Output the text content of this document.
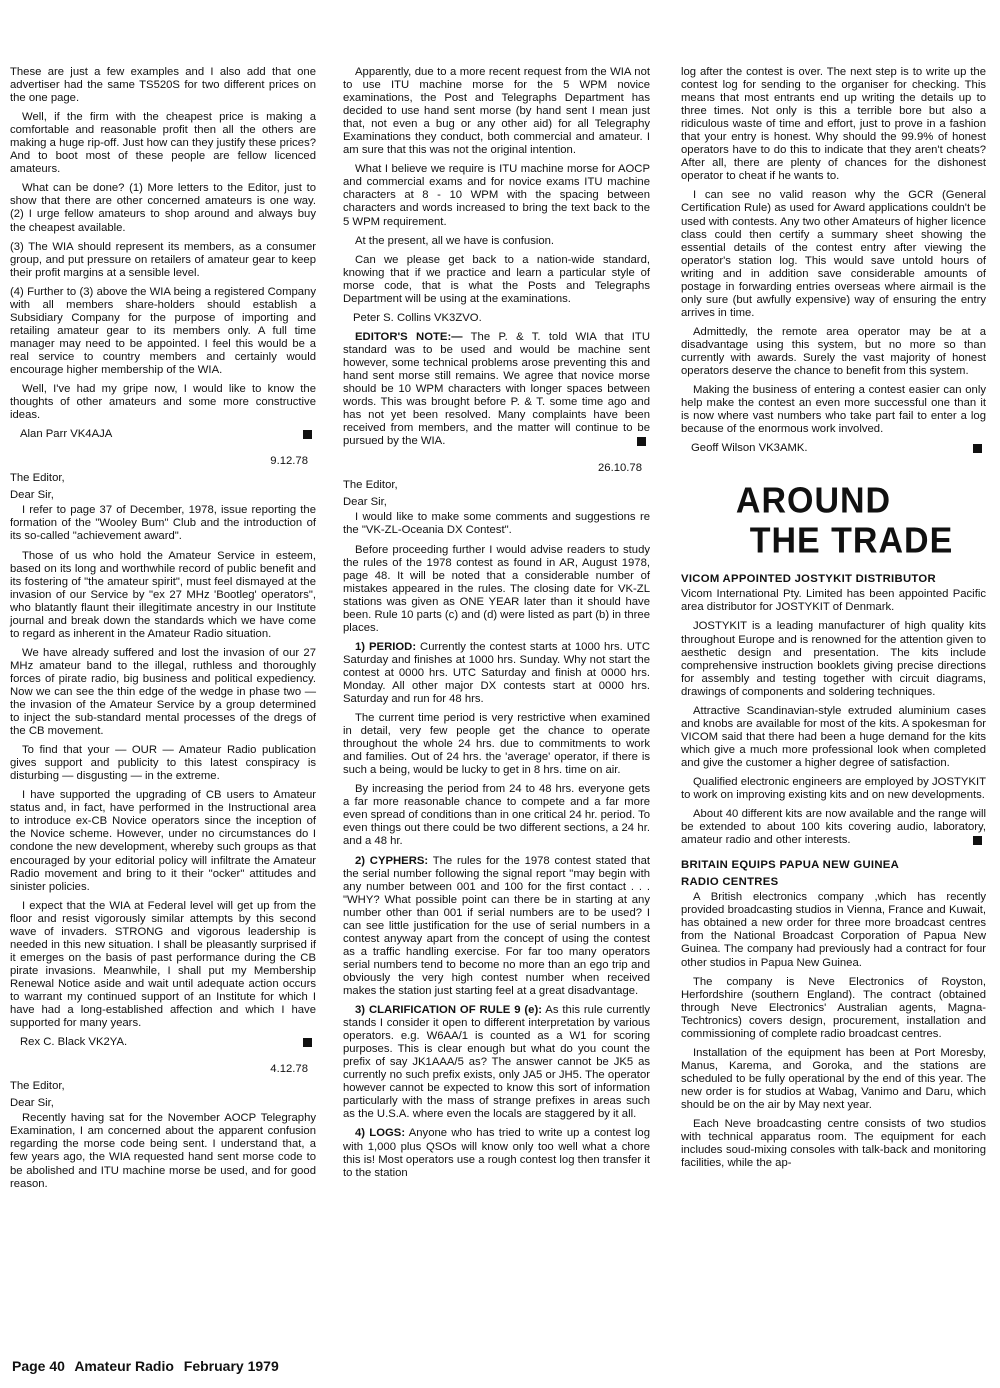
These are just a few examples and I also add that one advertiser had the same TS520S for two different prices on the one page.

Well, if the firm with the cheapest price is making a comfortable and reasonable profit then all the others are making a huge rip-off. Just how can they justify these prices? And to boot most of these people are fellow licenced amateurs.

What can be done? (1) More letters to the Editor, just to show that there are other concerned amateurs is one way. (2) I urge fellow amateurs to shop around and always buy the cheapest available.

(3) The WIA should represent its members, as a consumer group, and put pressure on retailers of amateur gear to keep their profit margins at a sensible level.

(4) Further to (3) above the WIA being a registered Company with all members share-holders should establish a Subsidiary Company for the purpose of importing and retailing amateur gear to its members only. A full time manager may need to be appointed. I feel this would be a real service to country members and certainly would encourage higher membership of the WIA.

Well, I've had my gripe now, I would like to know the thoughts of other amateurs and some more constructive ideas.

Alan Parr VK4AJA

9.12.78

The Editor,

Dear Sir,

I refer to page 37 of December, 1978, issue reporting the formation of the "Wooley Bum" Club and the introduction of its so-called "achievement award".

Those of us who hold the Amateur Service in esteem, based on its long and worthwhile record of public benefit and its fostering of "the amateur spirit", must feel dismayed at the invasion of our Service by "ex 27 MHz 'Bootleg' operators", who blatantly flaunt their illegitimate ancestry in our Institute journal and break down the standards which we have come to regard as inherent in the Amateur Radio situation.

We have already suffered and lost the invasion of our 27 MHz amateur band to the illegal, ruthless and thoroughly forces of pirate radio, big business and political expediency. Now we can see the thin edge of the wedge in phase two — the invasion of the Amateur Service by a group determined to inject the sub-standard mental processes of the dregs of the CB movement.

To find that your — OUR — Amateur Radio publication gives support and publicity to this latest conspiracy is disturbing — disgusting — in the extreme.

I have supported the upgrading of CB users to Amateur status and, in fact, have performed in the Instructional area to introduce ex-CB Novice operators since the inception of the Novice scheme. However, under no circumstances do I condone the new development, whereby such groups as that encouraged by your editorial policy will infiltrate the Amateur Radio movement and bring to it their "ocker" attitudes and sinister policies.

I expect that the WIA at Federal level will get up from the floor and resist vigorously similar attempts by this second wave of invaders. STRONG and vigorous leadership is needed in this new situation. I shall be pleasantly surprised if it emerges on the basis of past performance during the CB pirate invasions. Meanwhile, I shall put my Membership Renewal Notice aside and wait until adequate action occurs to warrant my continued support of an Institute for which I have had a long-established affection and which I have supported for many years.

Rex C. Black VK2YA.

4.12.78

The Editor,

Dear Sir,

Recently having sat for the November AOCP Telegraphy Examination, I am concerned about the apparent confusion regarding the morse code being sent. I understand that, a few years ago, the WIA requested hand sent morse code to be abolished and ITU machine morse be used, and for good reason.

Apparently, due to a more recent request from the WIA not to use ITU machine morse for the 5 WPM novice examinations, the Post and Telegraphs Department has decided to use hand sent morse (by hand sent I mean just that, not even a bug or any other aid) for all Telegraphy Examinations they conduct, both commercial and amateur. I am sure that this was not the original intention.

What I believe we require is ITU machine morse for AOCP and commercial exams and for novice exams ITU machine characters at 8 - 10 WPM with the spacing between characters and words increased to bring the text back to the 5 WPM requirement.

At the present, all we have is confusion.

Can we please get back to a nation-wide standard, knowing that if we practice and learn a particular style of morse code, that is what the Posts and Telegraphs Department will be using at the examinations.

Peter S. Collins VK3ZVO.

EDITOR'S NOTE:— The P. & T. told WIA that ITU standard was to be used and would be machine sent however, some technical problems arose preventing this and hand sent morse still remains. We agree that novice morse should be 10 WPM characters with longer spaces between words. This was brought before P. & T. some time ago and has not yet been resolved. Many complaints have been received from members, and the matter will continue to be pursued by the WIA.

26.10.78

The Editor,

Dear Sir,

I would like to make some comments and suggestions re the "VK-ZL-Oceania DX Contest".

Before proceeding further I would advise readers to study the rules of the 1978 contest as found in AR, August 1978, page 48. It will be noted that a considerable number of mistakes appeared in the rules. The closing date for VK-ZL stations was given as ONE YEAR later than it should have been. Rule 10 parts (c) and (d) were listed as part (b) in three places.

1) PERIOD: Currently the contest starts at 1000 hrs. UTC Saturday and finishes at 1000 hrs. Sunday. Why not start the contest at 0000 hrs. UTC Saturday and finish at 0000 hrs. Monday. All other major DX contests start at 0000 hrs. Saturday and run for 48 hrs.

The current time period is very restrictive when examined in detail, very few people get the chance to operate throughout the whole 24 hrs. due to commitments to work and families. Out of 24 hrs. the 'average' operator, if there is such a being, would be lucky to get in 8 hrs. time on air.

By increasing the period from 24 to 48 hrs. everyone gets a far more reasonable chance to compete and a far more even spread of conditions than in one critical 24 hr. period. To even things out there could be two different sections, a 24 hr. and a 48 hr.

2) CYPHERS: The rules for the 1978 contest stated that the serial number following the signal report "may begin with any number between 001 and 100 for the first contact . . . "WHY? What possible point can there be in starting at any number other than 001 if serial numbers are to be used? I can see little justification for the use of serial numbers in a contest anyway apart from the concept of using the contest as a traffic handling exercise. For far too many operators serial numbers tend to become no more than an ego trip and obviously the very high contest number when received makes the station just starting feel at a great disadvantage.

3) CLARIFICATION OF RULE 9 (e): As this rule currently stands I consider it open to different interpretation by various operators. e.g. W6AA/1 is counted as a W1 for scoring purposes. This is clear enough but what do you count the prefix of say JK1AAA/5 as? The answer cannot be JK5 as currently no such prefix exists, only JA5 or JH5. The operator however cannot be expected to know this sort of information particularly with the mass of strange prefixes in areas such as the U.S.A. where even the locals are staggered by it all.

4) LOGS: Anyone who has tried to write up a contest log with 1,000 plus QSOs will know only too well what a chore this is! Most operators use a rough contest log then transfer it to the station

log after the contest is over. The next step is to write up the contest log for sending to the organiser for checking. This means that most entrants end up writing the details up to three times. Not only is this a terrible bore but also a ridiculous waste of time and effort, just to prove in a fashion that your entry is honest. Why should the 99.9% of honest operators have to do this to indicate that they aren't cheats? After all, there are plenty of chances for the dishonest operator to cheat if he wants to.

I can see no valid reason why the GCR (General Certification Rule) as used for Award applications couldn't be used with contests. Any two other Amateurs of higher licence class could then certify a summary sheet showing the essential details of the contest entry after viewing the operator's station log. This would save untold hours of writing and in addition save considerable amounts of postage in forwarding entries overseas where airmail is the only sure (but awfully expensive) way of ensuring the entry arrives in time.

Admittedly, the remote area operator may be at a disadvantage using this system, but no more so than currently with awards. Surely the vast majority of honest operators deserve the chance to benefit from this system.

Making the business of entering a contest easier can only help make the contest an even more successful one than it is now where vast numbers who take part fail to enter a log because of the enormous work involved.

Geoff Wilson VK3AMK.

AROUND
THE TRADE

VICOM APPOINTED JOSTYKIT DISTRIBUTOR

Vicom International Pty. Limited has been appointed Pacific area distributor for JOSTYKIT of Denmark.

JOSTYKIT is a leading manufacturer of high quality kits throughout Europe and is renowned for the attention given to aesthetic design and presentation. The kits include comprehensive instruction booklets giving precise directions for assembly and testing together with circuit diagrams, drawings of components and soldering techniques.

Attractive Scandinavian-style extruded aluminium cases and knobs are available for most of the kits. A spokesman for VICOM said that there had been a huge demand for the kits which give a much more professional look when completed and give the customer a higher degree of satisfaction.

Qualified electronic engineers are employed by JOSTYKIT to work on improving existing kits and on new developments.

About 40 different kits are now available and the range will be extended to about 100 kits covering audio, laboratory, amateur radio and other interests.

BRITAIN EQUIPS PAPUA NEW GUINEA

RADIO CENTRES

A British electronics company ,which has recently provided broadcasting studios in Vienna, France and Kuwait, has obtained a new order for three more broadcast centres from the National Broadcast Corporation of Papua New Guinea. The company had previously had a contract for four other studios in Papua New Guinea.

The company is Neve Electronics of Royston, Herfordshire (southern England). The contract (obtained through Neve Electronics' Australian agents, Magna-Techtronics) covers design, procurement, installation and commissioning of complete radio broadcast centres.

Installation of the equipment has been at Port Moresby, Manus, Karema, and Goroka, and the stations are scheduled to be fully operational by the end of this year. The new order is for studios at Wabag, Vanimo and Daru, which should be on the air by May next year.

Each Neve broadcasting centre consists of two studios with technical apparatus room. The equipment for each includes soud-mixing consoles with talk-back and monitoring facilities, while the ap-

Page 40 Amateur Radio February 1979
